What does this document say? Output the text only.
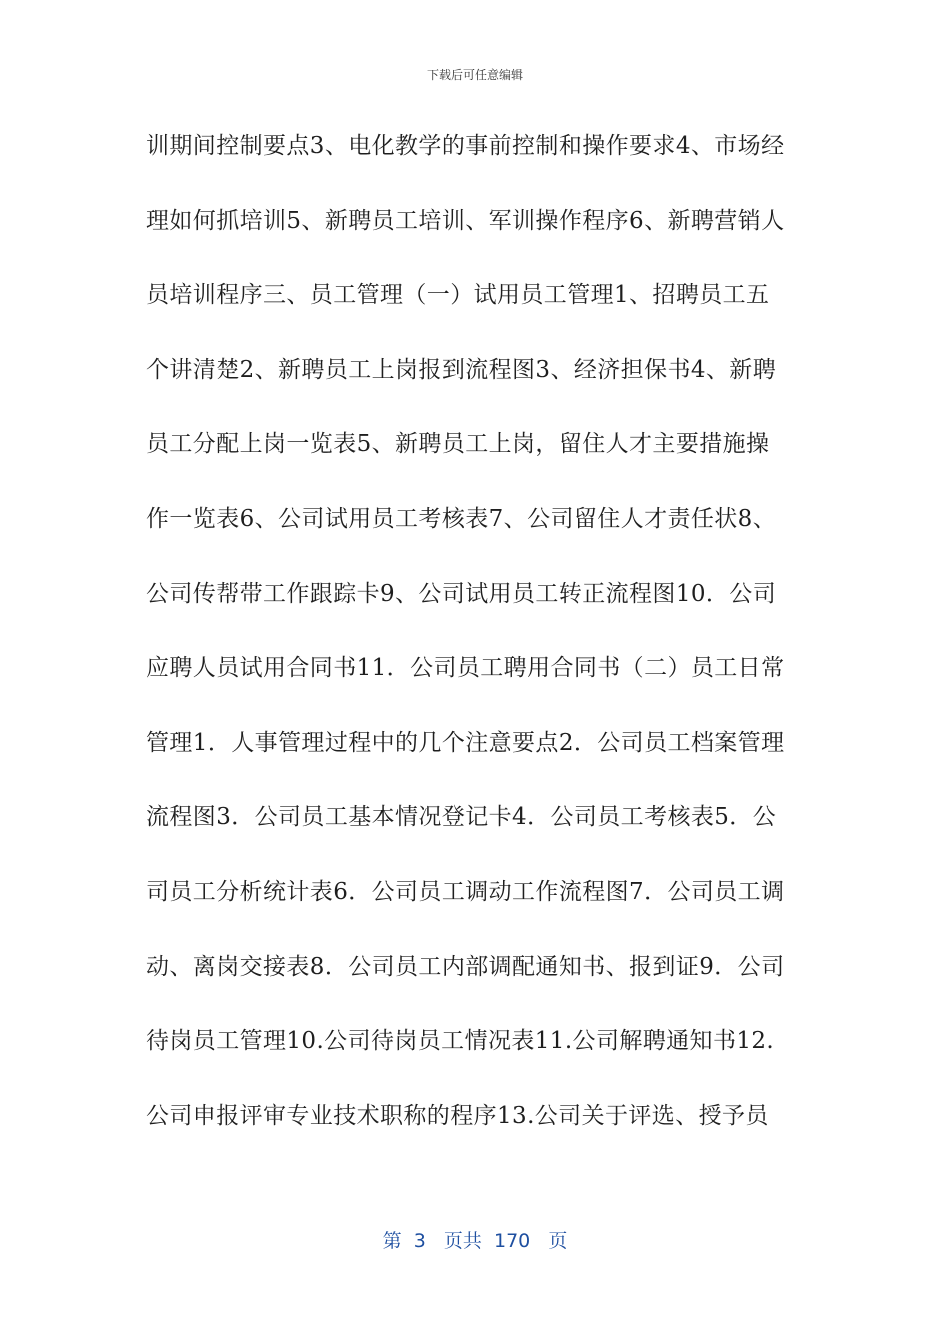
下载后可任意编辑
训期间控制要点3、电化教学的事前控制和操作要求4、市场经
理如何抓培训5、新聘员工培训、军训操作程序6、新聘营销人
员培训程序三、员工管理（一）试用员工管理1、招聘员工五
个讲清楚2、新聘员工上岗报到流程图3、经济担保书4、新聘
员工分配上岗一览表5、新聘员工上岗，留住人才主要措施操
作一览表6、公司试用员工考核表7、公司留住人才责任状8、
公司传帮带工作跟踪卡9、公司试用员工转正流程图10．公司
应聘人员试用合同书11．公司员工聘用合同书（二）员工日常
管理1．人事管理过程中的几个注意要点2．公司员工档案管理
流程图3．公司员工基本情况登记卡4．公司员工考核表5．公
司员工分析统计表6．公司员工调动工作流程图7．公司员工调
动、离岗交接表8．公司员工内部调配通知书、报到证9．公司
待岗员工管理10.公司待岗员工情况表11.公司解聘通知书12.
公司申报评审专业技术职称的程序13.公司关于评选、授予员
第  3   页共  170   页
